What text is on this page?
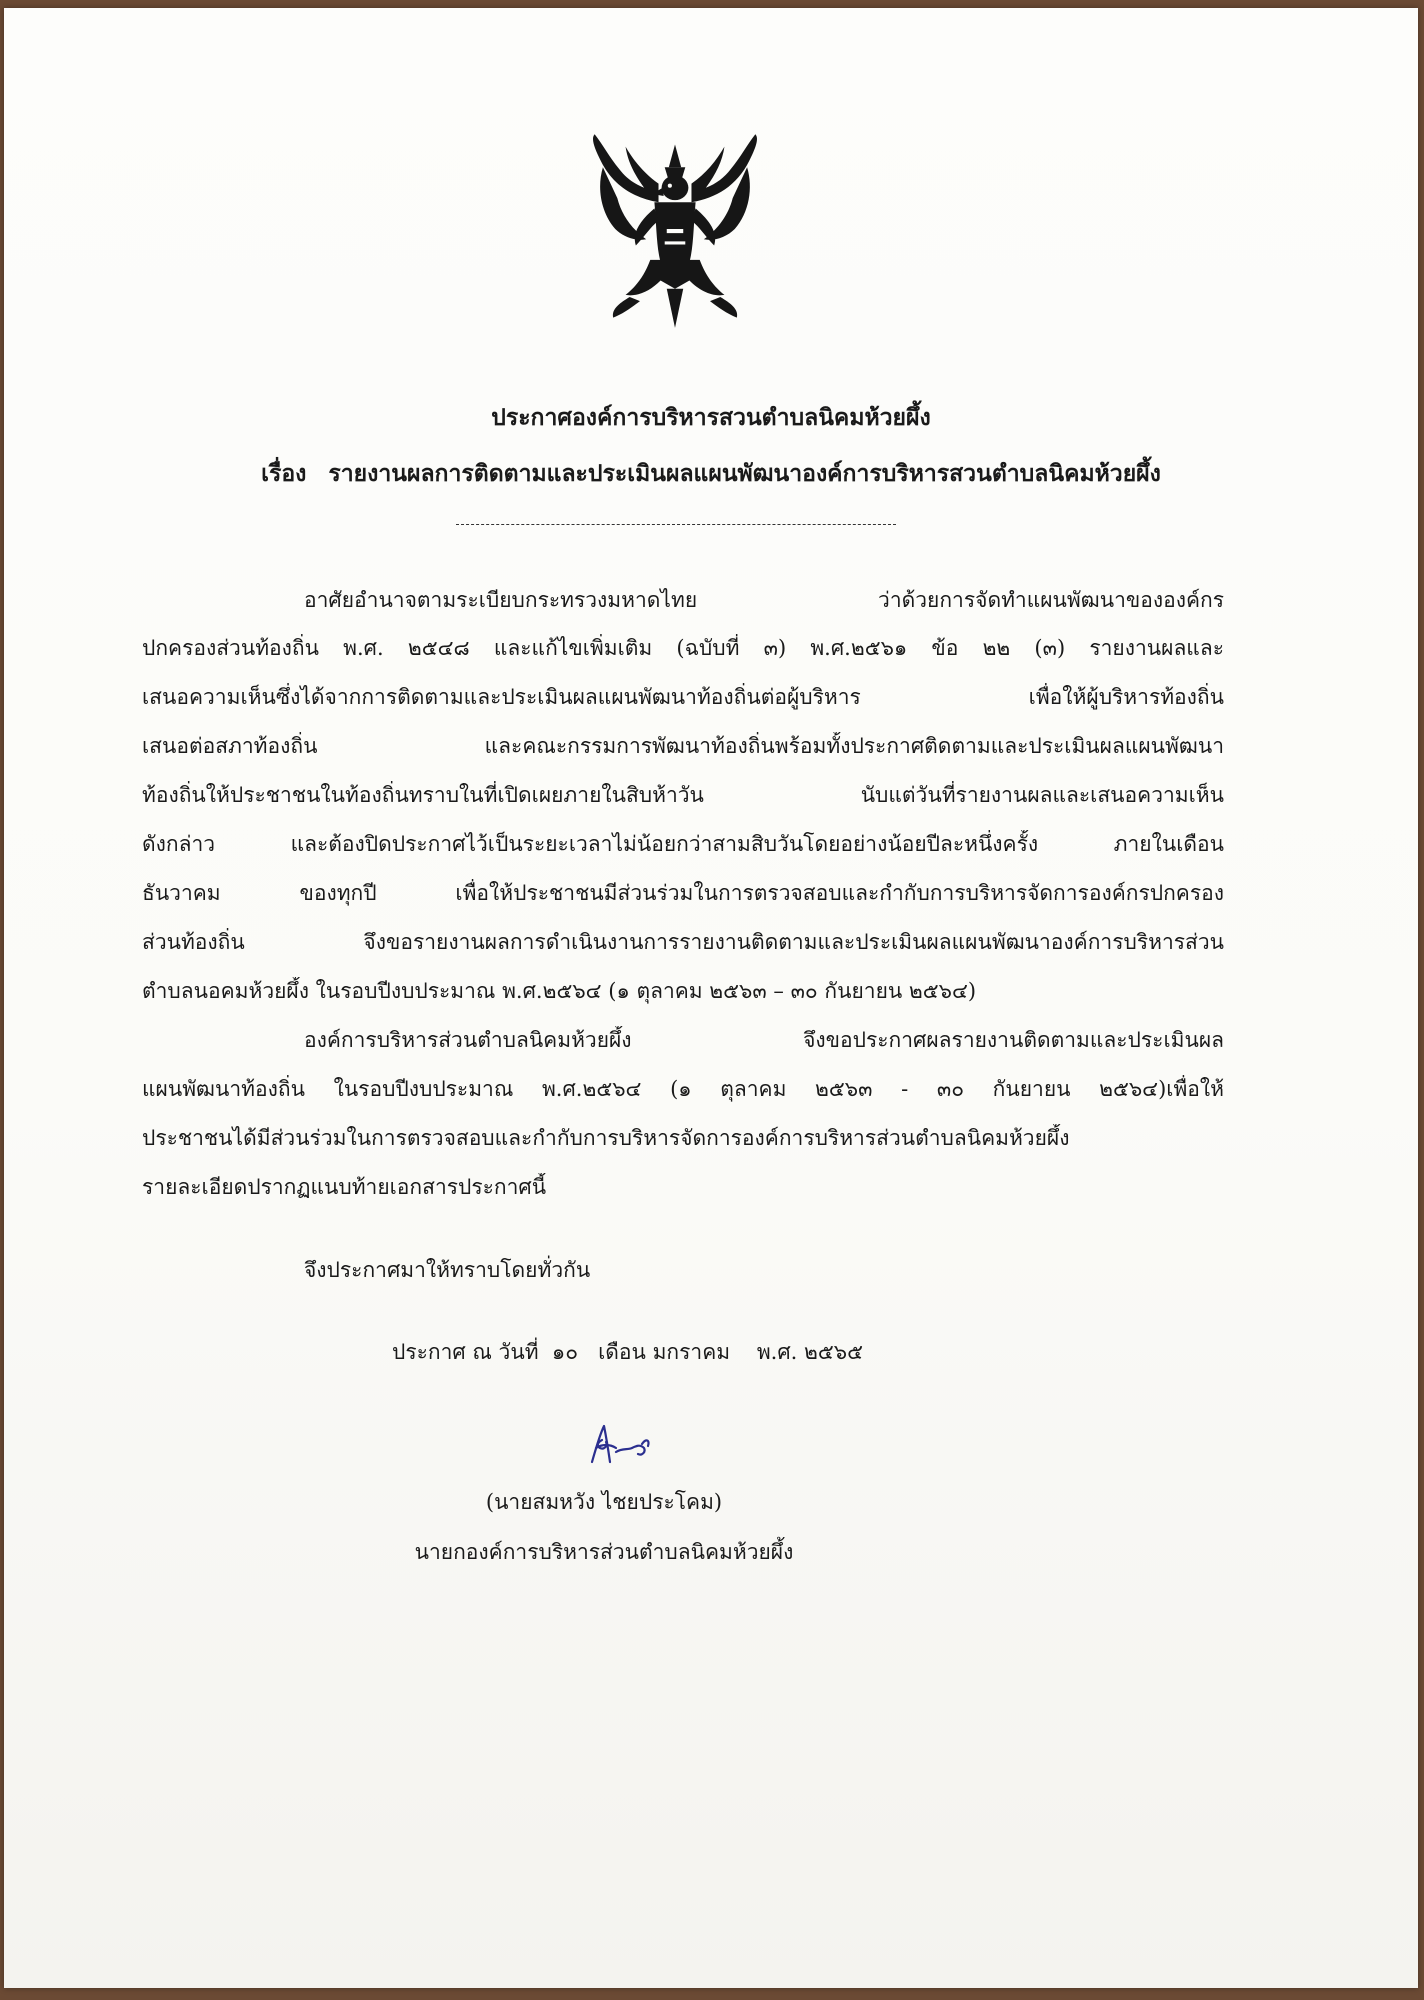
ประกาศองค์การบริหารสวนตำบลนิคมห้วยผึ้ง
เรื่อง รายงานผลการติดตามและประเมินผลแผนพัฒนาองค์การบริหารสวนตำบลนิคมห้วยผึ้ง
อาศัยอำนาจตามระเบียบกระทรวงมหาดไทย ว่าด้วยการจัดทำแผนพัฒนาขององค์กร
ปกครองส่วนท้องถิ่น พ.ศ. ๒๕๔๘ และแก้ไขเพิ่มเติม (ฉบับที่ ๓) พ.ศ.๒๕๖๑ ข้อ ๒๒ (๓) รายงานผลและ
เสนอความเห็นซึ่งได้จากการติดตามและประเมินผลแผนพัฒนาท้องถิ่นต่อผู้บริหาร เพื่อให้ผู้บริหารท้องถิ่น
เสนอต่อสภาท้องถิ่น และคณะกรรมการพัฒนาท้องถิ่นพร้อมทั้งประกาศติดตามและประเมินผลแผนพัฒนา
ท้องถิ่นให้ประชาชนในท้องถิ่นทราบในที่เปิดเผยภายในสิบห้าวัน นับแต่วันที่รายงานผลและเสนอความเห็น
ดังกล่าว และต้องปิดประกาศไว้เป็นระยะเวลาไม่น้อยกว่าสามสิบวันโดยอย่างน้อยปีละหนึ่งครั้ง ภายในเดือน
ธันวาคม ของทุกปี เพื่อให้ประชาชนมีส่วนร่วมในการตรวจสอบและกำกับการบริหารจัดการองค์กรปกครอง
ส่วนท้องถิ่น จึงขอรายงานผลการดำเนินงานการรายงานติดตามและประเมินผลแผนพัฒนาองค์การบริหารส่วน
ตำบลนอคมห้วยผึ้ง ในรอบปีงบประมาณ พ.ศ.๒๕๖๔ (๑ ตุลาคม ๒๕๖๓ – ๓๐ กันยายน ๒๕๖๔)
องค์การบริหารส่วนตำบลนิคมห้วยผึ้ง จึงขอประกาศผลรายงานติดตามและประเมินผล
แผนพัฒนาท้องถิ่น ในรอบปีงบประมาณ พ.ศ.๒๕๖๔ (๑ ตุลาคม ๒๕๖๓ - ๓๐ กันยายน ๒๕๖๔)เพื่อให้
ประชาชนได้มีส่วนร่วมในการตรวจสอบและกำกับการบริหารจัดการองค์การบริหารส่วนตำบลนิคมห้วยผึ้ง
รายละเอียดปรากฏแนบท้ายเอกสารประกาศนี้
จึงประกาศมาให้ทราบโดยทั่วกัน
ประกาศ ณ วันที่ ๑๐ เดือน มกราคม พ.ศ. ๒๕๖๕
(นายสมหวัง ไชยประโคม)
นายกองค์การบริหารส่วนตำบลนิคมห้วยผึ้ง
